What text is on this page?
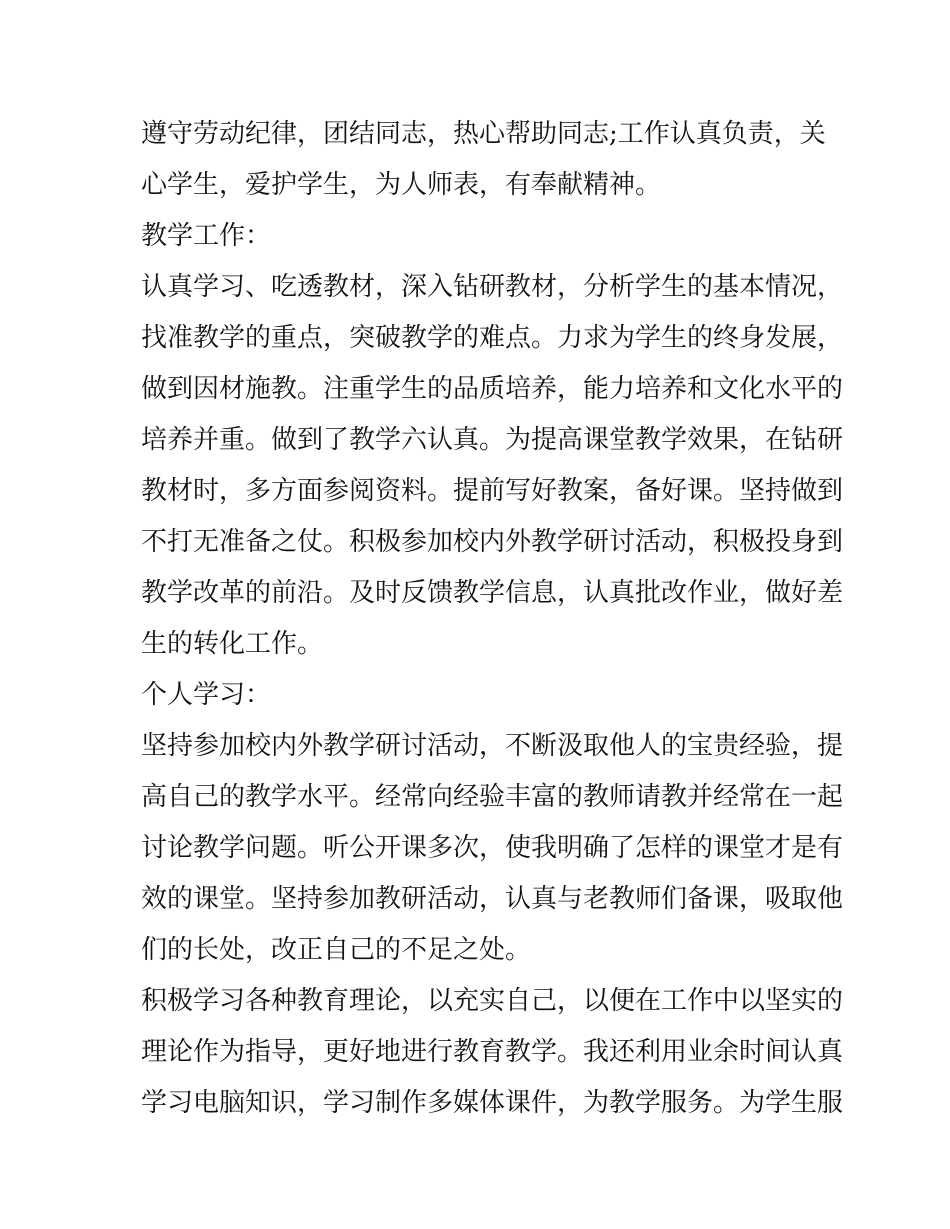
遵守劳动纪律，团结同志，热心帮助同志;工作认真负责，关
心学生，爱护学生，为人师表，有奉献精神。
教学工作：
认真学习、吃透教材，深入钻研教材，分析学生的基本情况，
找准教学的重点，突破教学的难点。力求为学生的终身发展，
做到因材施教。注重学生的品质培养，能力培养和文化水平的
培养并重。做到了教学六认真。为提高课堂教学效果，在钻研
教材时，多方面参阅资料。提前写好教案，备好课。坚持做到
不打无准备之仗。积极参加校内外教学研讨活动，积极投身到
教学改革的前沿。及时反馈教学信息，认真批改作业，做好差
生的转化工作。
个人学习：
坚持参加校内外教学研讨活动，不断汲取他人的宝贵经验，提
高自己的教学水平。经常向经验丰富的教师请教并经常在一起
讨论教学问题。听公开课多次，使我明确了怎样的课堂才是有
效的课堂。坚持参加教研活动，认真与老教师们备课，吸取他
们的长处，改正自己的不足之处。
积极学习各种教育理论，以充实自己，以便在工作中以坚实的
理论作为指导，更好地进行教育教学。我还利用业余时间认真
学习电脑知识，学习制作多媒体课件，为教学服务。为学生服
